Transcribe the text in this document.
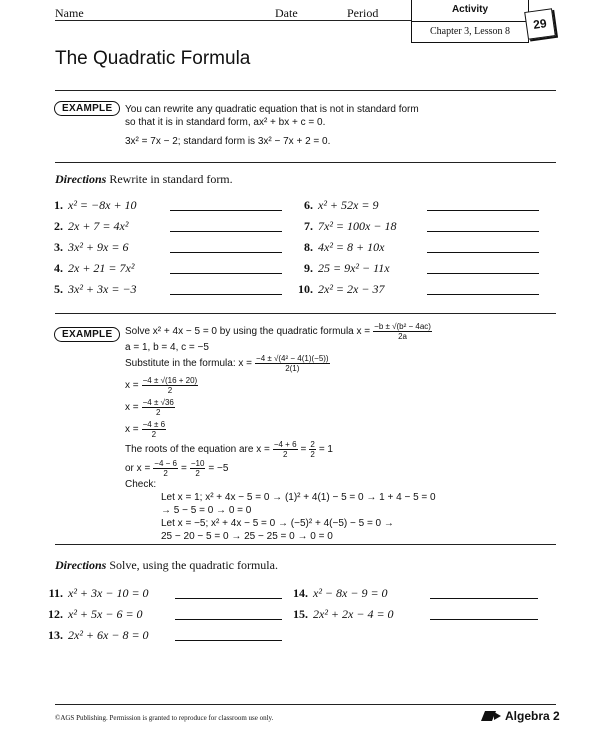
Name	Date	Period	Activity
Chapter 3, Lesson 8	29
The Quadratic Formula
EXAMPLE	You can rewrite any quadratic equation that is not in standard form
so that it is in standard form, ax² + bx + c = 0.
3x² = 7x − 2; standard form is 3x² − 7x + 2 = 0.
Directions Rewrite in standard form.
1. x² = −8x + 10
2. 2x + 7 = 4x²
3. 3x² + 9x = 6
4. 2x + 21 = 7x²
5. 3x² + 3x = −3
6. x² + 52x = 9
7. 7x² = 100x − 18
8. 4x² = 8 + 10x
9. 25 = 9x² − 11x
10. 2x² = 2x − 37
EXAMPLE	Solve x² + 4x − 5 = 0 by using the quadratic formula $x = \frac{\text{−b ± √(b² − 4ac)}}{2a}$
a = 1, b = 4, c = −5
Substitute in the formula: $x = \frac{\text{−4 ± √(4² − 4(1)(−5))}}{2(1)}$
$x = \frac{-4 \pm √(16 + 20)}{2}$
$x = \frac{-4 \pm √36}{2}$
$x = \frac{-4 \pm 6}{2}$
The roots of the equation are $x = \frac{-4 + 6}{2} = \frac{2}{2} = 1$
or $x = \frac{-4 - 6}{2} = \frac{-10}{2} = -5$
Check:
Let x = 1; x² + 4x − 5 = 0 → (1)² + 4(1) − 5 = 0 → 1 + 4 − 5 = 0
→ 5 − 5 = 0 → 0 = 0
Let x = −5; x² + 4x − 5 = 0 → (−5)² + 4(−5) − 5 = 0 →
25 − 20 − 5 = 0 → 25 − 25 = 0 → 0 = 0
Directions Solve, using the quadratic formula.
11. x² + 3x − 10 = 0
12. x² + 5x − 6 = 0
13. 2x² + 6x − 8 = 0
14. x² − 8x − 9 = 0
15. 2x² + 2x − 4 = 0
©AGS Publishing. Permission is granted to reproduce for classroom use only.	Algebra 2
